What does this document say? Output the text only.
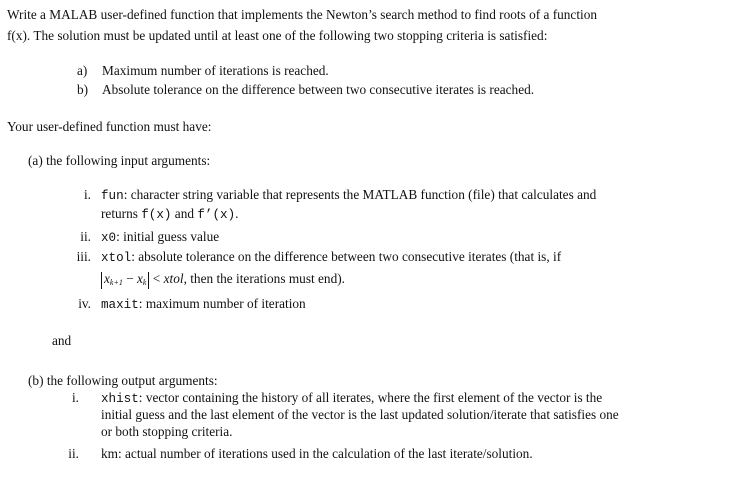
Write a MALAB user-defined function that implements the Newton’s search method to find roots of a function
f(x). The solution must be updated until at least one of the following two stopping criteria is satisfied:
a) Maximum number of iterations is reached.
b) Absolute tolerance on the difference between two consecutive iterates is reached.
Your user-defined function must have:
(a) the following input arguments:
i. fun: character string variable that represents the MATLAB function (file) that calculates and
returns f(x) and f’(x).
ii. x0: initial guess value
iii. xtol: absolute tolerance on the difference between two consecutive iterates (that is, if
$x_{k+1} - x_k$ < xtol, then the iterations must end).
iv. maxit: maximum number of iteration
and
(b) the following output arguments:
i. xhist: vector containing the history of all iterates, where the first element of the vector is the
initial guess and the last element of the vector is the last updated solution/iterate that satisfies one
or both stopping criteria.
ii. km: actual number of iterations used in the calculation of the last iterate/solution.
